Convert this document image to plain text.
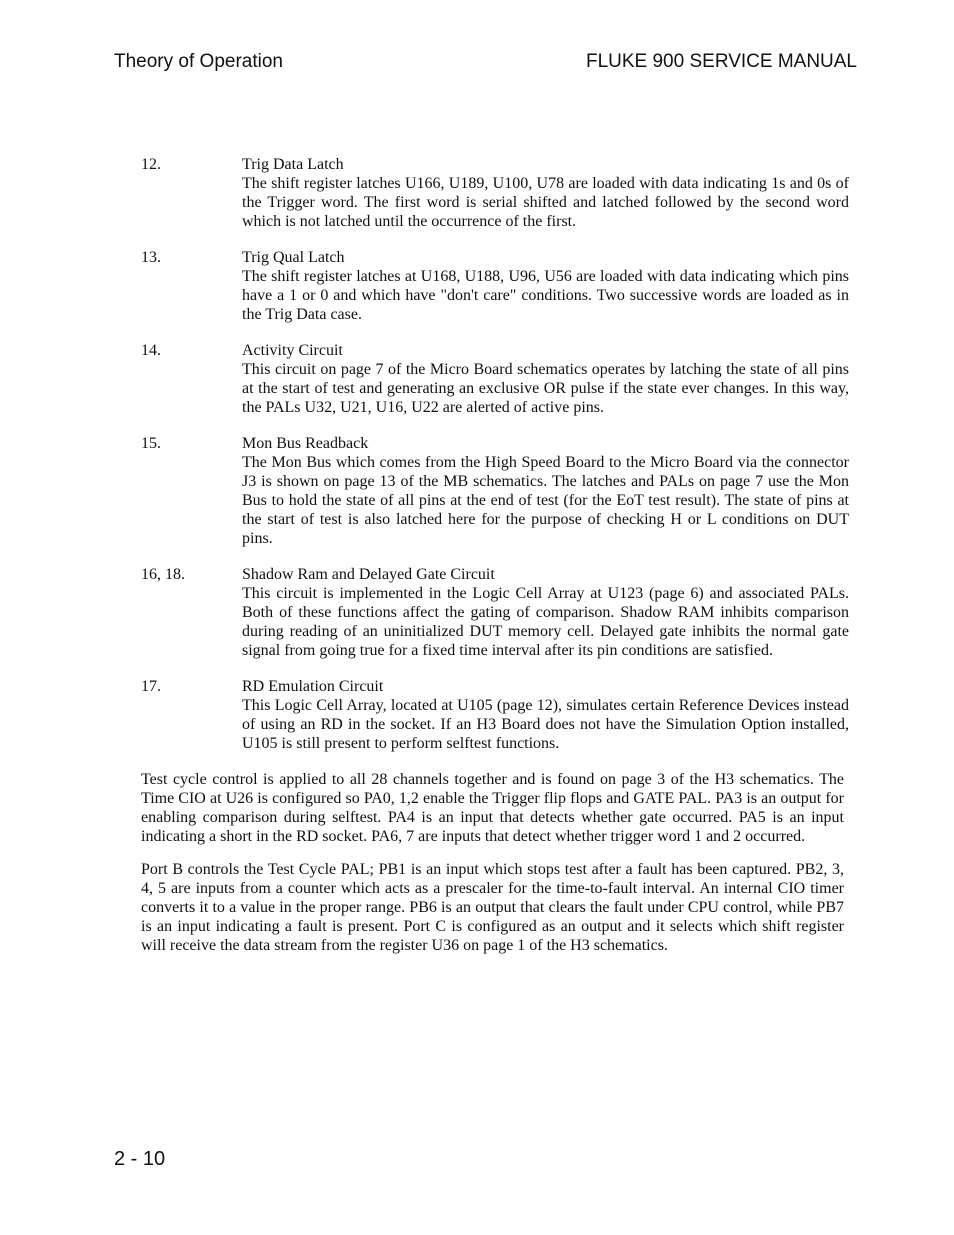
Theory of Operation	FLUKE 900 SERVICE MANUAL
12.	Trig Data Latch
The shift register latches U166, U189, U100, U78 are loaded with data indicating 1s and 0s of the Trigger word. The first word is serial shifted and latched followed by the second word which is not latched until the occurrence of the first.
13.	Trig Qual Latch
The shift register latches at U168, U188, U96, U56 are loaded with data indicating which pins have a 1 or 0 and which have "don't care" conditions. Two successive words are loaded as in the Trig Data case.
14.	Activity Circuit
This circuit on page 7 of the Micro Board schematics operates by latching the state of all pins at the start of test and generating an exclusive OR pulse if the state ever changes. In this way, the PALs U32, U21, U16, U22 are alerted of active pins.
15.	Mon Bus Readback
The Mon Bus which comes from the High Speed Board to the Micro Board via the connector J3 is shown on page 13 of the MB schematics. The latches and PALs on page 7 use the Mon Bus to hold the state of all pins at the end of test (for the EoT test result). The state of pins at the start of test is also latched here for the purpose of checking H or L conditions on DUT pins.
16, 18.	Shadow Ram and Delayed Gate Circuit
This circuit is implemented in the Logic Cell Array at U123 (page 6) and associated PALs. Both of these functions affect the gating of comparison. Shadow RAM inhibits comparison during reading of an uninitialized DUT memory cell. Delayed gate inhibits the normal gate signal from going true for a fixed time interval after its pin conditions are satisfied.
17.	RD Emulation Circuit
This Logic Cell Array, located at U105 (page 12), simulates certain Reference Devices instead of using an RD in the socket. If an H3 Board does not have the Simulation Option installed, U105 is still present to perform selftest functions.

Test cycle control is applied to all 28 channels together and is found on page 3 of the H3 schematics. The Time CIO at U26 is configured so PA0, 1,2 enable the Trigger flip flops and GATE PAL. PA3 is an output for enabling comparison during selftest. PA4 is an input that detects whether gate occurred. PA5 is an input indicating a short in the RD socket. PA6, 7 are inputs that detect whether trigger word 1 and 2 occurred.

Port B controls the Test Cycle PAL; PB1 is an input which stops test after a fault has been captured. PB2, 3, 4, 5 are inputs from a counter which acts as a prescaler for the time-to-fault interval. An internal CIO timer converts it to a value in the proper range. PB6 is an output that clears the fault under CPU control, while PB7 is an input indicating a fault is present. Port C is configured as an output and it selects which shift register will receive the data stream from the register U36 on page 1 of the H3 schematics.

2 - 10
